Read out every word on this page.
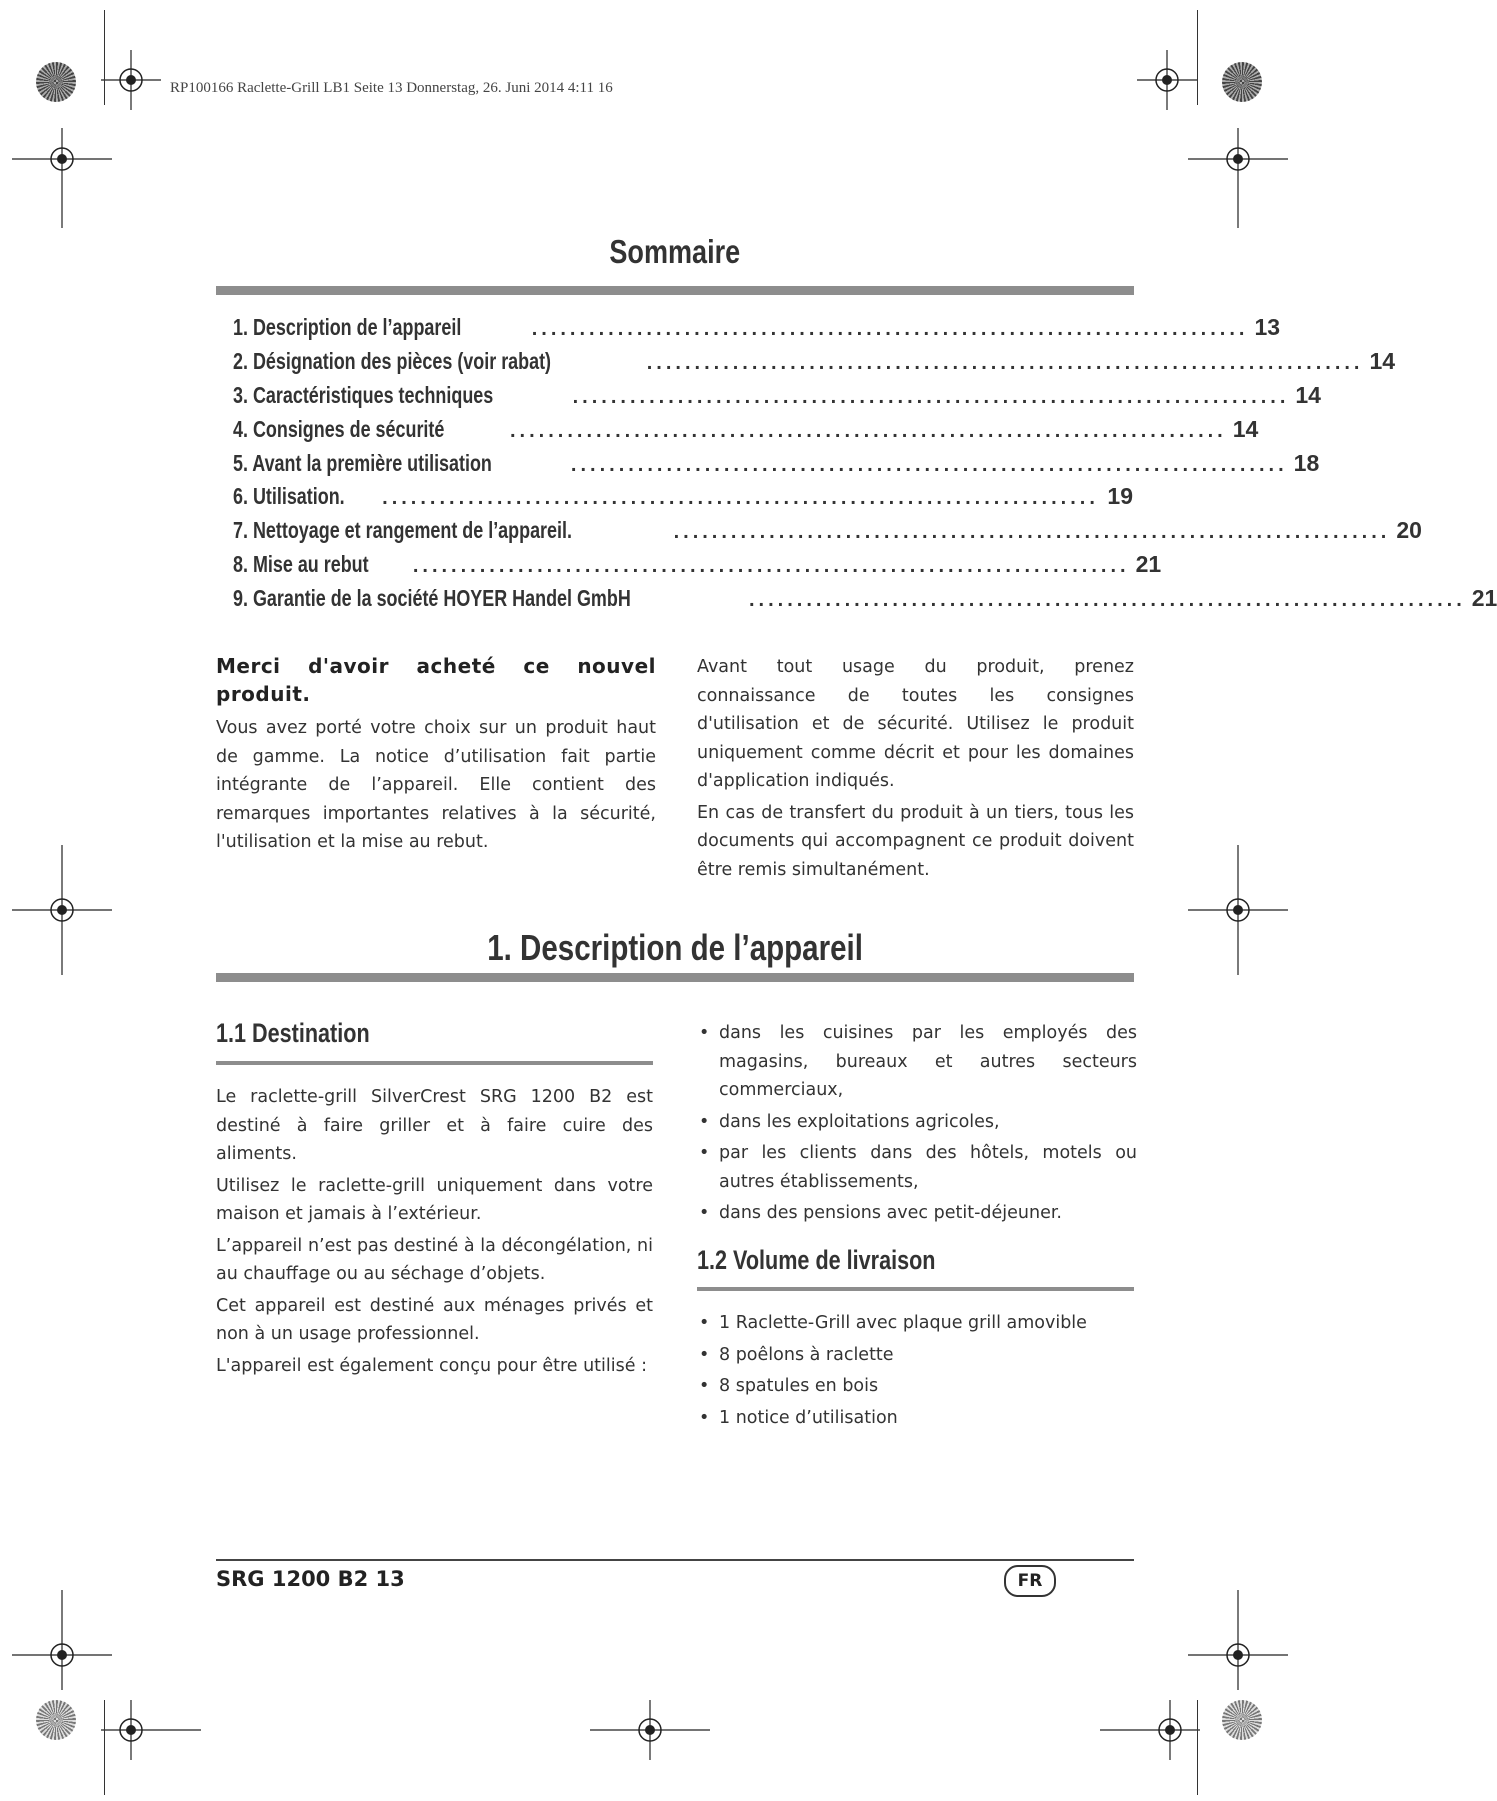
RP100166 Raclette-Grill LB1 Seite 13 Donnerstag, 26. Juni 2014 4:11 16
Sommaire
1. Description de l’appareil	........................................................................... 13
2. Désignation des pièces (voir rabat)	........................................................................... 14
3. Caractéristiques techniques	........................................................................... 14
4. Consignes de sécurité	........................................................................... 14
5. Avant la première utilisation	........................................................................... 18
6. Utilisation.	........................................................................... 19
7. Nettoyage et rangement de l’appareil.	........................................................................... 20
8. Mise au rebut	........................................................................... 21
9. Garantie de la société HOYER Handel GmbH	........................................................................... 21

Merci d'avoir acheté ce nouvel produit.

Vous avez porté votre choix sur un produit haut de gamme. La notice d’utilisation fait partie intégrante de l’appareil. Elle contient des remarques importantes relatives à la sécurité, l'utilisation et la mise au rebut.

Avant tout usage du produit, prenez connaissance de toutes les consignes d'utilisation et de sécurité. Utilisez le produit uniquement comme décrit et pour les domaines d'application indiqués.

En cas de transfert du produit à un tiers, tous les documents qui accompagnent ce produit doivent être remis simultanément.

1. Description de l’appareil
1.1 Destination

Le raclette-grill SilverCrest SRG 1200 B2 est destiné à faire griller et à faire cuire des aliments.

Utilisez le raclette-grill uniquement dans votre maison et jamais à l’extérieur.

L’appareil n’est pas destiné à la décongélation, ni au chauffage ou au séchage d’objets.

Cet appareil est destiné aux ménages privés et non à un usage professionnel.

L'appareil est également conçu pour être utilisé :

• dans les cuisines par les employés des magasins, bureaux et autres secteurs commerciaux,
• dans les exploitations agricoles,
• par les clients dans des hôtels, motels ou autres établissements,
• dans des pensions avec petit-déjeuner.
1.2 Volume de livraison
• 1 Raclette-Grill avec plaque grill amovible
• 8 poêlons à raclette
• 8 spatules en bois
• 1 notice d’utilisation
SRG 1200 B2 13	FR
